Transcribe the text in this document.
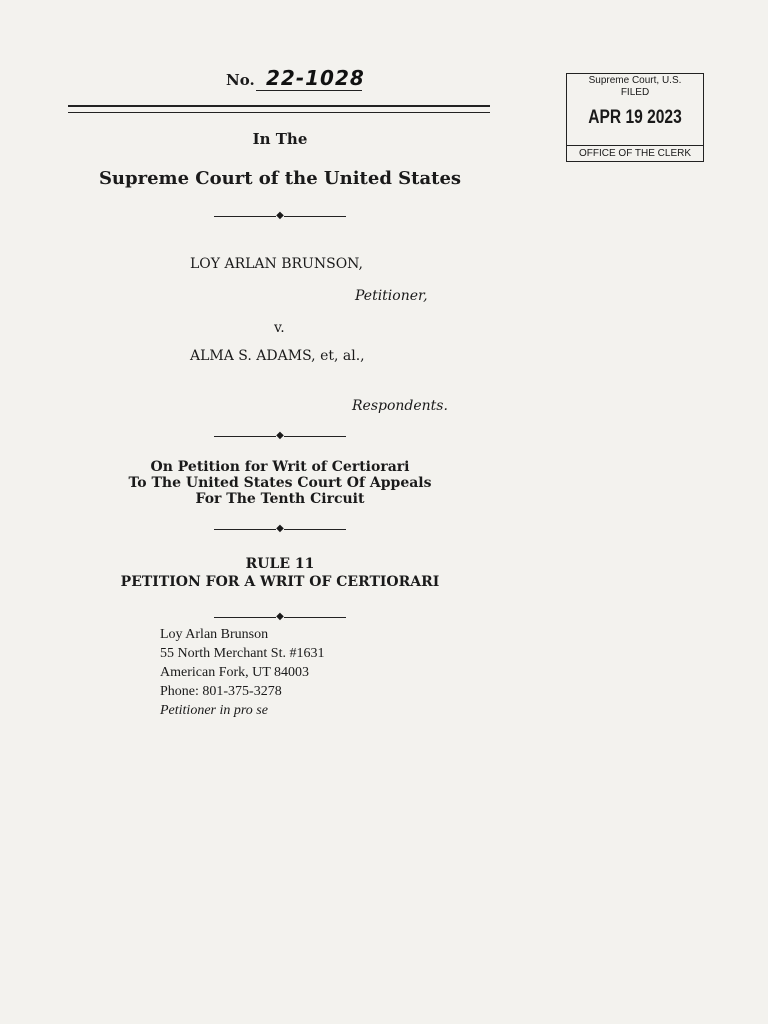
No. 22-1028	Supreme Court, U.S.
FILED
APR 19 2023
OFFICE OF THE CLERK
In The
Supreme Court of the United States
◆
LOY ARLAN BRUNSON,
Petitioner,
v.
ALMA S. ADAMS, et, al.,
Respondents.
◆
On Petition for Writ of Certiorari
To The United States Court Of Appeals
For The Tenth Circuit
◆
RULE 11
PETITION FOR A WRIT OF CERTIORARI
◆
Loy Arlan Brunson
55 North Merchant St. #1631
American Fork, UT 84003
Phone: 801-375-3278
Petitioner in pro se
